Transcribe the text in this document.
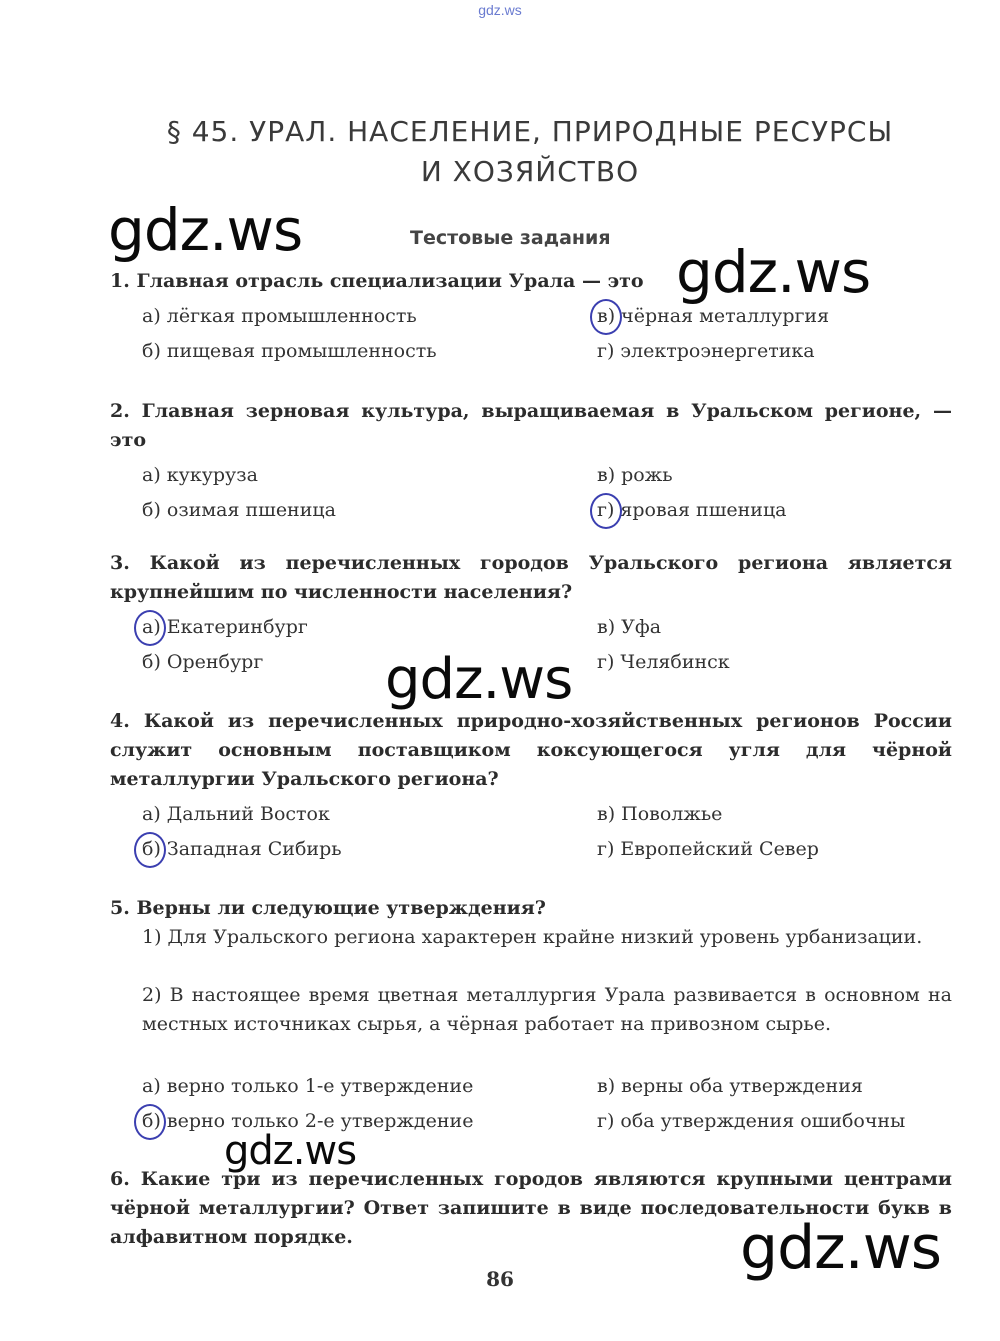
gdz.ws
§ 45. УРАЛ. НАСЕЛЕНИЕ, ПРИРОДНЫЕ РЕСУРСЫ
И ХОЗЯЙСТВО
Тестовые задания
gdz.ws
gdz.ws
gdz.ws
gdz.ws
gdz.ws
1. Главная отрасль специализации Урала — это
а) лёгкая промышленность
б) пищевая промышленность
в) чёрная металлургия
г) электроэнергетика
2. Главная зерновая культура, выращиваемая в Уральском регионе, — это
а) кукуруза
б) озимая пшеница
в) рожь
г) яровая пшеница
3. Какой из перечисленных городов Уральского региона является крупнейшим по численности населения?
а) Екатеринбург
б) Оренбург
в) Уфа
г) Челябинск
4. Какой из перечисленных природно-хозяйственных регионов России служит основным поставщиком коксующегося угля для чёрной металлургии Уральского региона?
а) Дальний Восток
б) Западная Сибирь
в) Поволжье
г) Европейский Север
5. Верны ли следующие утверждения?
1) Для Уральского региона характерен крайне низкий уровень урбанизации.
2) В настоящее время цветная металлургия Урала развивается в основном на местных источниках сырья, а чёрная работает на привозном сырье.
а) верно только 1-е утверждение
б) верно только 2-е утверждение
в) верны оба утверждения
г) оба утверждения ошибочны
6. Какие три из перечисленных городов являются крупными центрами чёрной металлургии? Ответ запишите в виде последовательности букв в алфавитном порядке.
86
